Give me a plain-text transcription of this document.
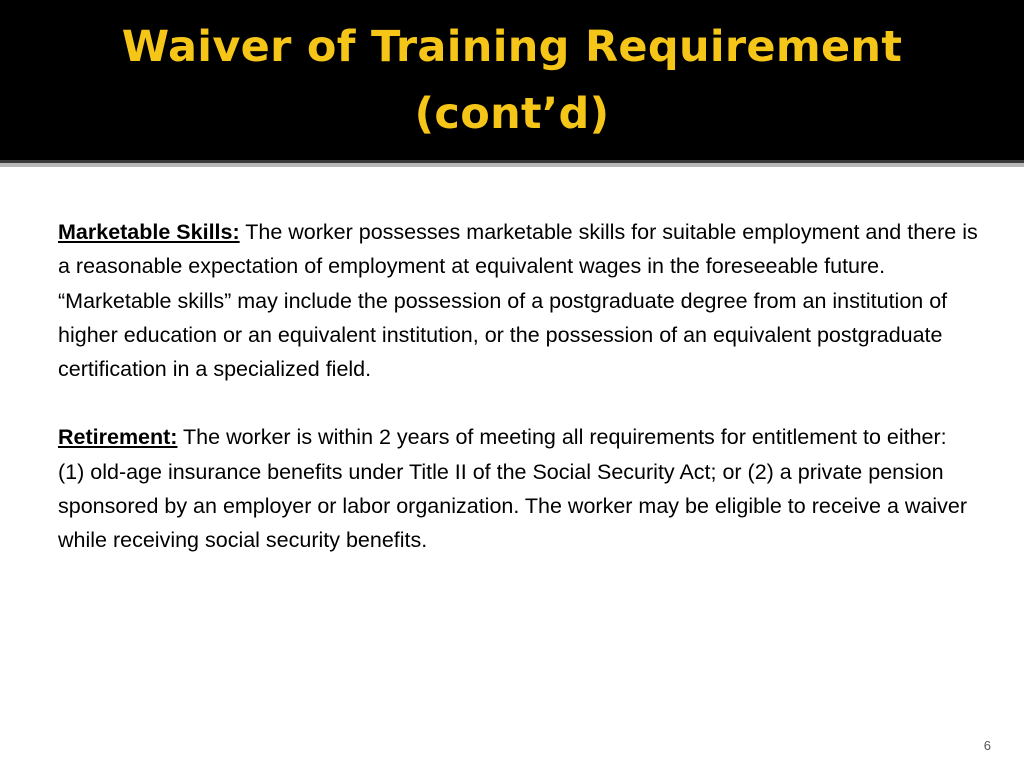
Waiver of Training Requirement
(cont’d)

Marketable Skills: The worker possesses marketable skills for suitable employment and there is a reasonable expectation of employment at equivalent wages in the foreseeable future. “Marketable skills” may include the possession of a postgraduate degree from an institution of higher education or an equivalent institution, or the possession of an equivalent postgraduate certification in a specialized field.

Retirement: The worker is within 2 years of meeting all requirements for entitlement to either: (1) old-age insurance benefits under Title II of the Social Security Act; or (2) a private pension sponsored by an employer or labor organization. The worker may be eligible to receive a waiver while receiving social security benefits.

6
